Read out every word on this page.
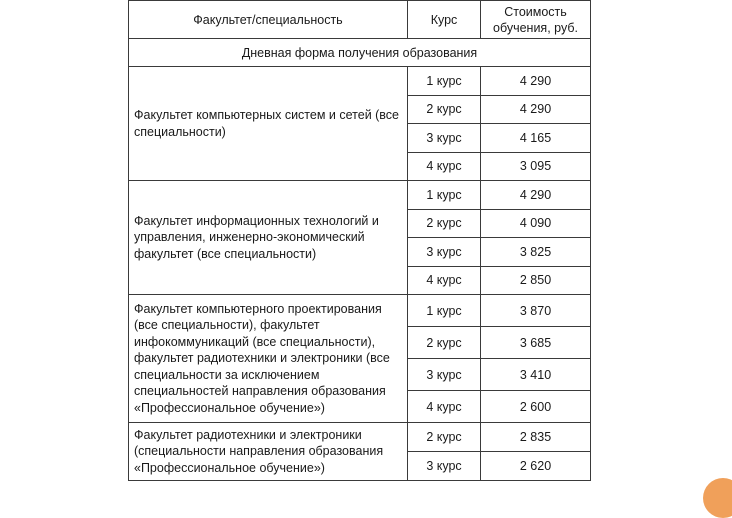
Факультет/специальность	Курс	Стоимость обучения, руб.
Дневная форма получения образования		
Факультет компьютерных систем и сетей (все специальности)	1 курс	4 290
	2 курс	4 290
	3 курс	4 165
	4 курс	3 095
Факультет информационных технологий и управления, инженерно-экономический факультет (все специальности)	1 курс	4 290
	2 курс	4 090
	3 курс	3 825
	4 курс	2 850
Факультет компьютерного проектирования (все специальности), факультет инфокоммуникаций (все специальности), факультет радиотехники и электроники (все специальности за исключением специальностей направления образования «Профессиональное обучение»)	1 курс	3 870
	2 курс	3 685
	3 курс	3 410
	4 курс	2 600
Факультет радиотехники и электроники (специальности направления образования «Профессиональное обучение»)	2 курс	2 835
	3 курс	2 620
